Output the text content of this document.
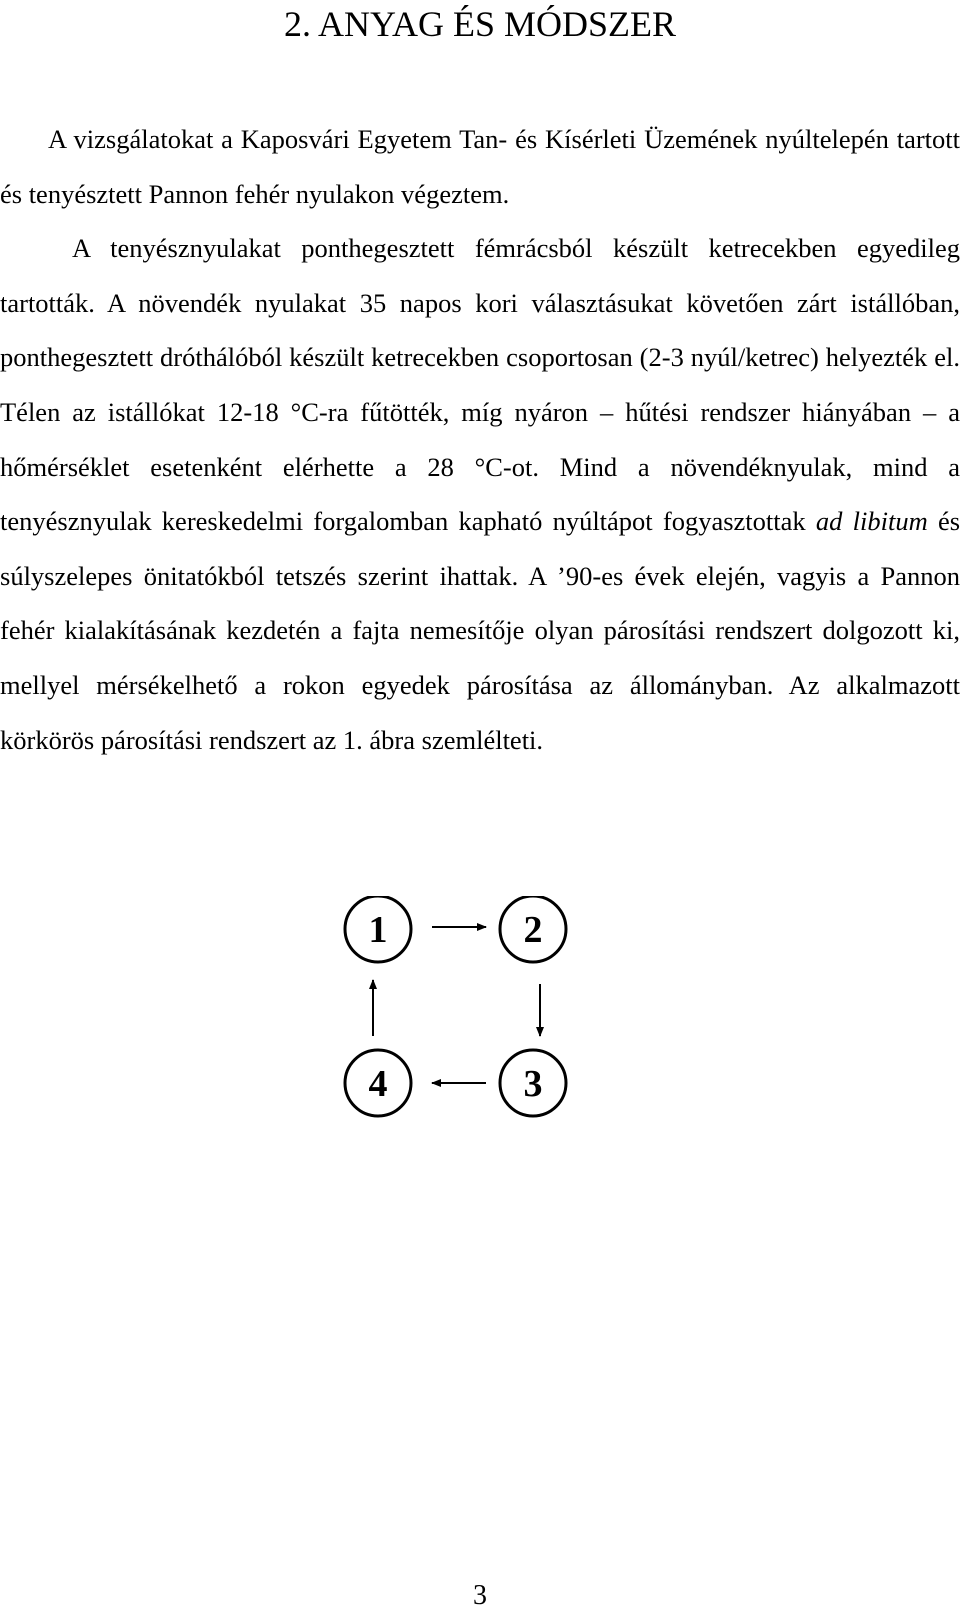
2. ANYAG ÉS MÓDSZER

A vizsgálatokat a Kaposvári Egyetem Tan- és Kísérleti Üzemének nyúltelepén tartott és tenyésztett Pannon fehér nyulakon végeztem.

A tenyésznyulakat ponthegesztett fémrácsból készült ketrecekben egyedileg tartották. A növendék nyulakat 35 napos kori választásukat követően zárt istállóban, ponthegesztett dróthálóból készült ketrecekben csoportosan (2-3 nyúl/ketrec) helyezték el. Télen az istállókat 12-18 °C-ra fűtötték, míg nyáron – hűtési rendszer hiányában – a hőmérséklet esetenként elérhette a 28 °C-ot. Mind a növendéknyulak, mind a tenyésznyulak kereskedelmi forgalomban kapható nyúltápot fogyasztottak ad libitum és súlyszelepes önitatókból tetszés szerint ihattak. A ’90-es évek elején, vagyis a Pannon fehér kialakításának kezdetén a fajta nemesítője olyan párosítási rendszert dolgozott ki, mellyel mérsékelhető a rokon egyedek párosítása az állományban. Az alkalmazott körkörös párosítási rendszert az 1. ábra szemlélteti.

1	2
3
4
3
